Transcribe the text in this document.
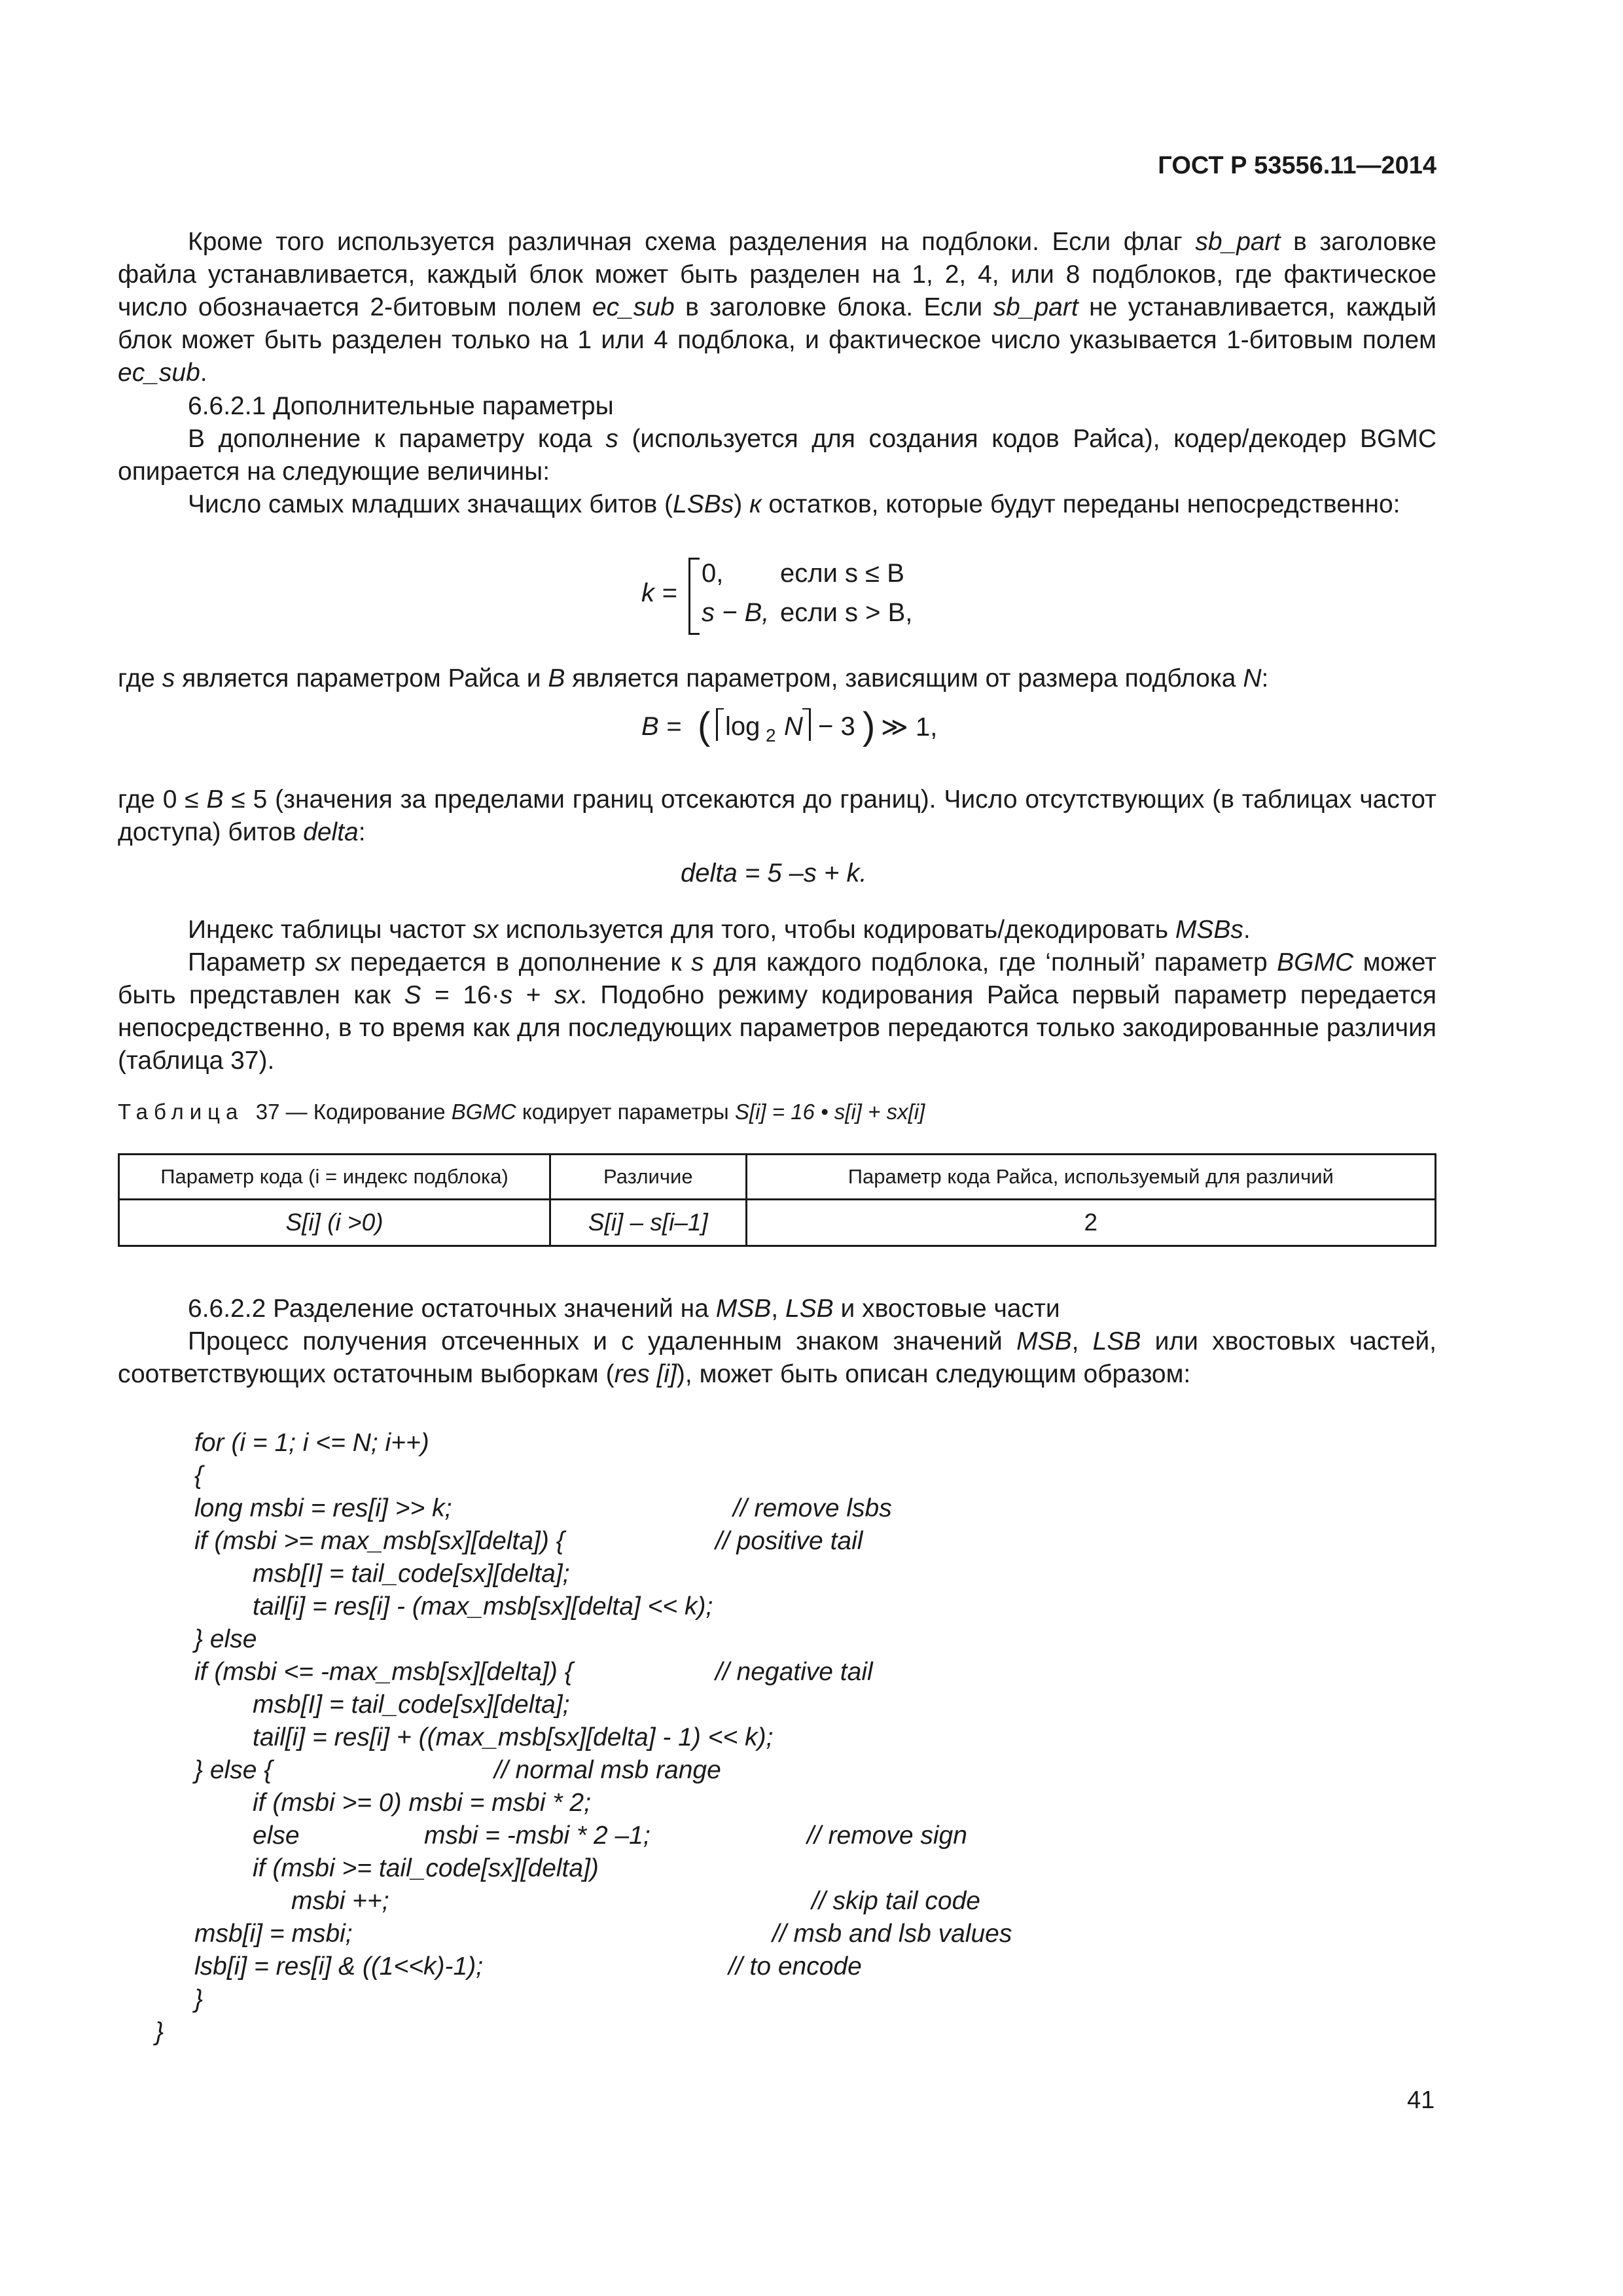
ГОСТ Р 53556.11—2014
Кроме того используется различная схема разделения на подблоки. Если флаг sb_part в заголовке файла устанавливается, каждый блок может быть разделен на 1, 2, 4, или 8 подблоков, где фактическое число обозначается 2-битовым полем ec_sub в заголовке блока. Если sb_part не устанавливается, каждый блок может быть разделен только на 1 или 4 подблока, и фактическое число указывается 1-битовым полем ec_sub.
6.6.2.1 Дополнительные параметры
В дополнение к параметру кода s (используется для создания кодов Райса), кодер/декодер BGMC опирается на следующие величины:
Число самых младших значащих битов (LSBs) к остатков, которые будут переданы непосредственно:
k =
0, если s ≤ B
s − B, если s > B,
где s является параметром Райса и B является параметром, зависящим от размера подблока N:
B = ( log 2 N − 3 ) ≫ 1,
где 0 ≤ B ≤ 5 (значения за пределами границ отсекаются до границ). Число отсутствующих (в таблицах частот доступа) битов delta:
delta = 5 –s + k.
Индекс таблицы частот sx используется для того, чтобы кодировать/декодировать MSBs.
Параметр sx передается в дополнение к s для каждого подблока, где ‘полный’ параметр BGMC может быть представлен как S = 16·s + sx. Подобно режиму кодирования Райса первый параметр передается непосредственно, в то время как для последующих параметров передаются только закодированные различия (таблица 37).
Таблица 37 — Кодирование BGMC кодирует параметры S[i] = 16 • s[i] + sx[i]
Параметр кода (i = индекс подблока)	Различие	Параметр кода Райса, используемый для различий
S[i] (i >0)	S[i] – s[i–1]	2
6.6.2.2 Разделение остаточных значений на MSB, LSB и хвостовые части
Процесс получения отсеченных и с удаленным знаком значений MSB, LSB или хвостовых частей, соответствующих остаточным выборкам (res [i]), может быть описан следующим образом:
for (i = 1; i <= N; i++)
{
long msbi = res[i] >> k;	// remove lsbs
if (msbi >= max_msb[sx][delta]) {	// positive tail
msb[I] = tail_code[sx][delta];
tail[i] = res[i] - (max_msb[sx][delta] << k);
} else
if (msbi <= -max_msb[sx][delta]) {	// negative tail
msb[I] = tail_code[sx][delta];
tail[i] = res[i] + ((max_msb[sx][delta] - 1) << k);
} else {	// normal msb range
if (msbi >= 0) msbi = msbi * 2;
else	msbi = -msbi * 2 –1;	// remove sign
if (msbi >= tail_code[sx][delta])
msbi ++;	// skip tail code
msb[i] = msbi;	// msb and lsb values
lsb[i] = res[i] & ((1<<k)-1);	// to encode
}
}
41
